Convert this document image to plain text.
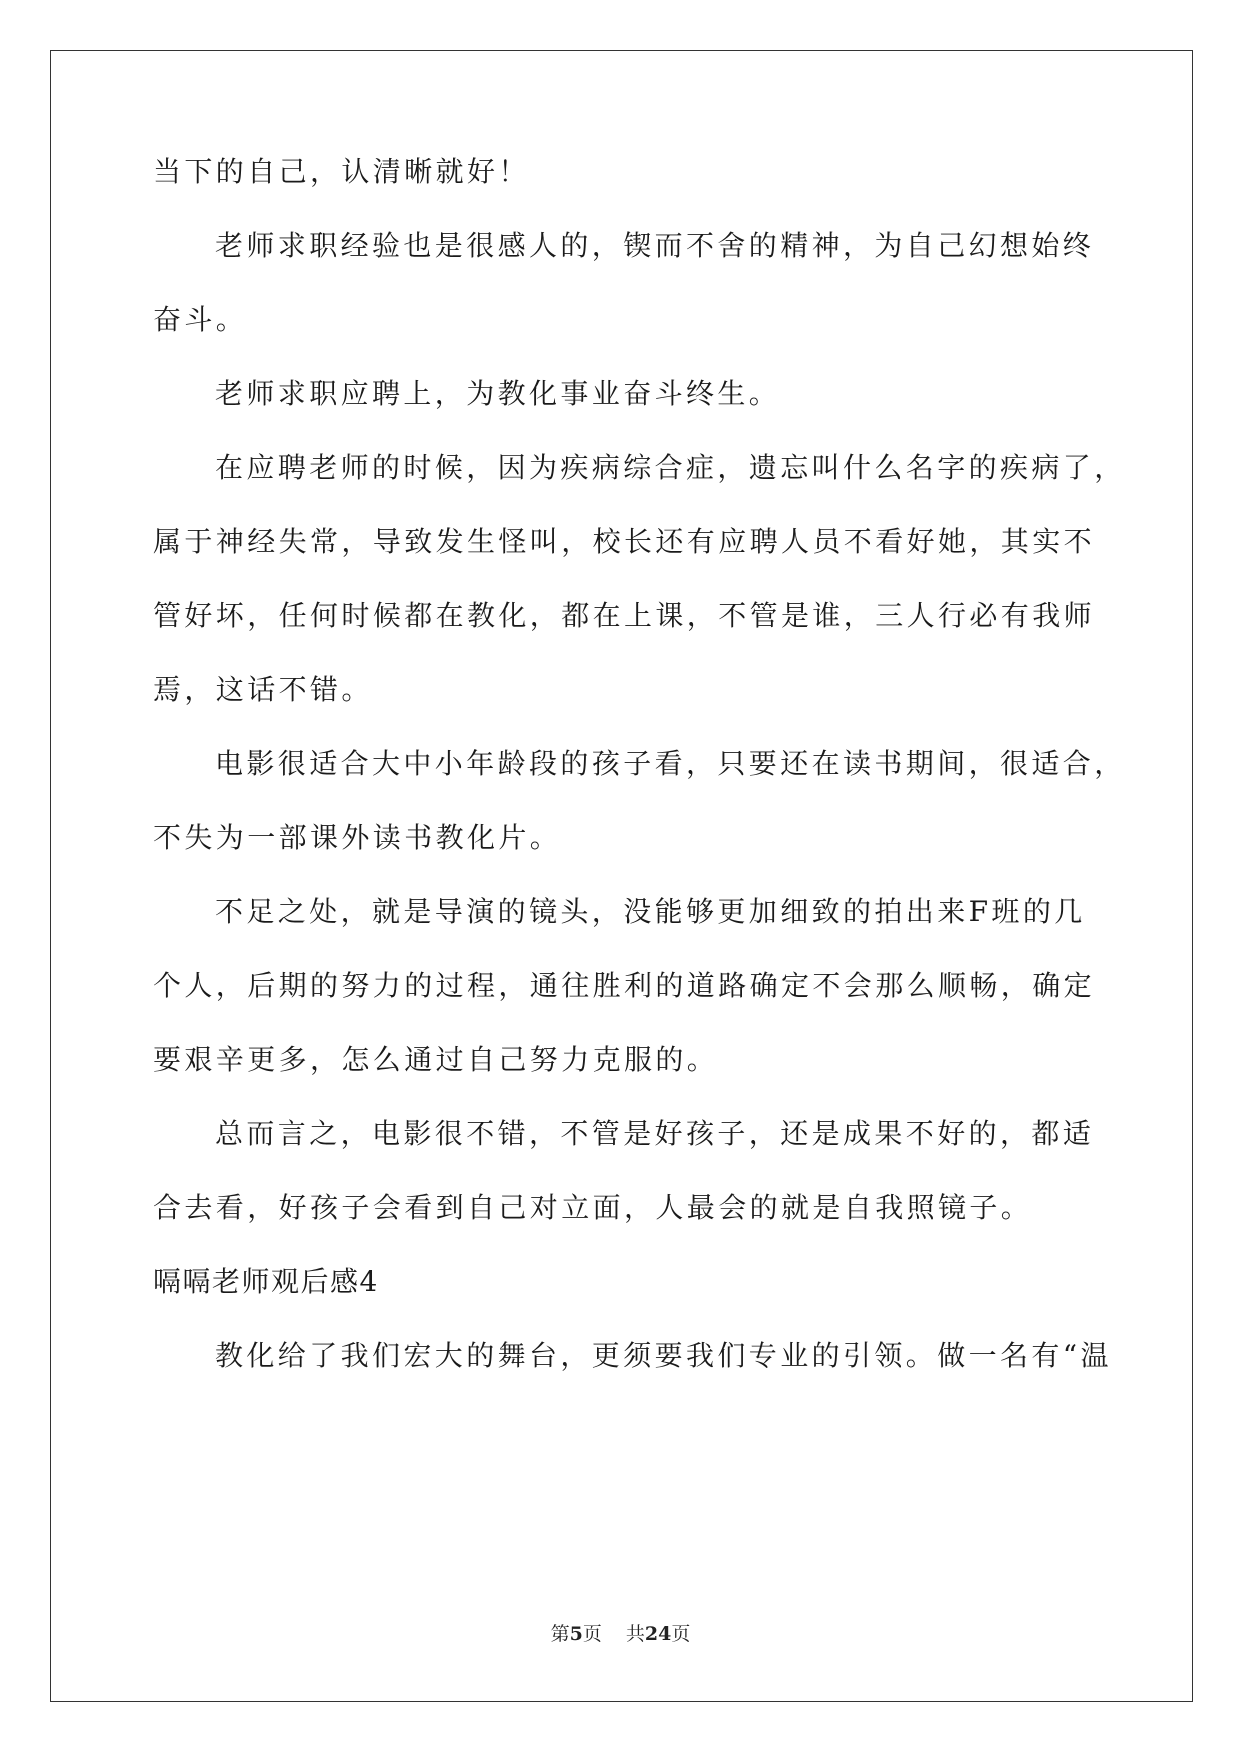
当下的自己，认清晰就好！
老师求职经验也是很感人的，锲而不舍的精神，为自己幻想始终
奋斗。
老师求职应聘上，为教化事业奋斗终生。
在应聘老师的时候，因为疾病综合症，遗忘叫什么名字的疾病了，
属于神经失常，导致发生怪叫，校长还有应聘人员不看好她，其实不
管好坏，任何时候都在教化，都在上课，不管是谁，三人行必有我师
焉，这话不错。
电影很适合大中小年龄段的孩子看，只要还在读书期间，很适合，
不失为一部课外读书教化片。
不足之处，就是导演的镜头，没能够更加细致的拍出来F班的几
个人，后期的努力的过程，通往胜利的道路确定不会那么顺畅，确定
要艰辛更多，怎么通过自己努力克服的。
总而言之，电影很不错，不管是好孩子，还是成果不好的，都适
合去看，好孩子会看到自己对立面，人最会的就是自我照镜子。
嗝嗝老师观后感4
教化给了我们宏大的舞台，更须要我们专业的引领。做一名有“温
第5页 共24页
